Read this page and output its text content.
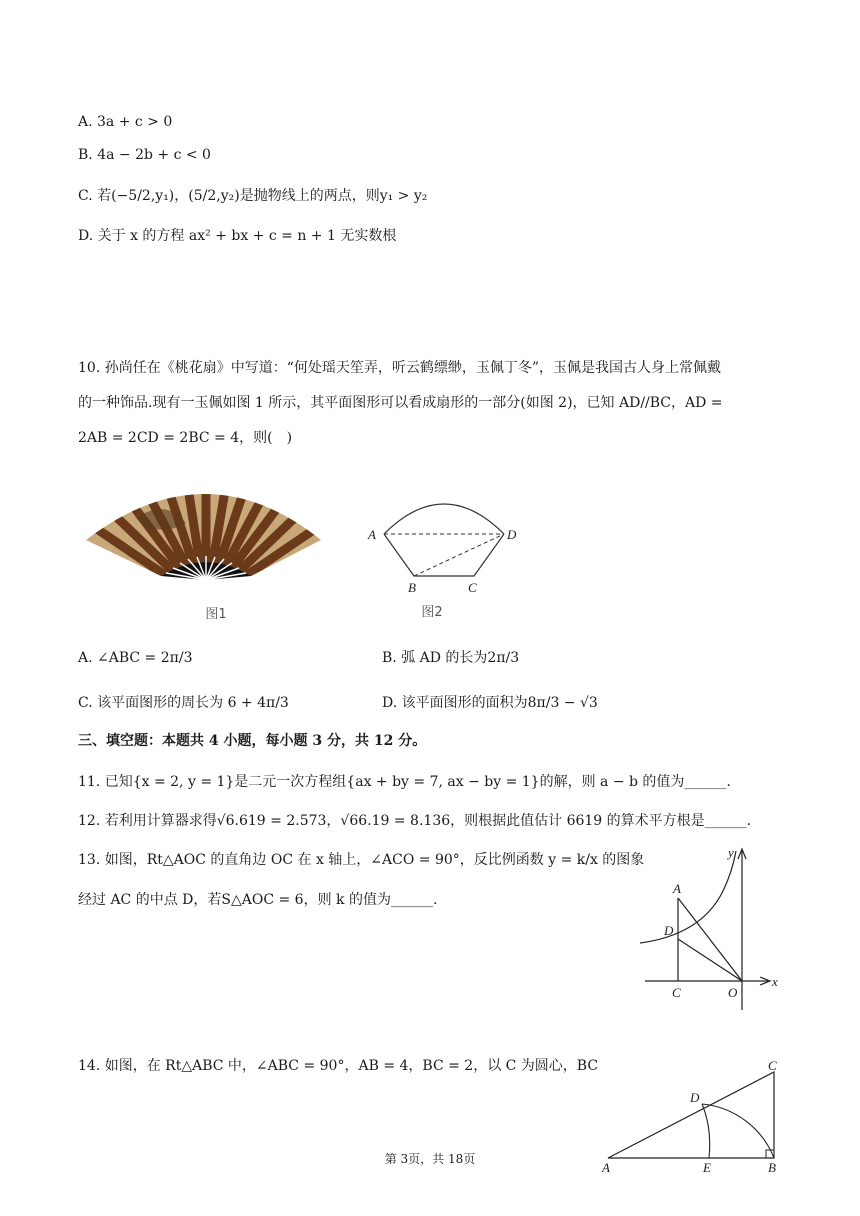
A. 3a + c > 0
B. 4a − 2b + c < 0
C. 若(−5/2,y₁)，(5/2,y₂)是抛物线上的两点，则y₁ > y₂
D. 关于 x 的方程 ax² + bx + c = n + 1 无实数根
10. 孙尚任在《桃花扇》中写道：“何处瑶天笙弄，听云鹤缥缈，玉佩丁冬”，玉佩是我国古人身上常佩戴
的一种饰品.现有一玉佩如图 1 所示，其平面图形可以看成扇形的一部分(如图 2)，已知 AD//BC，AD =
2AB = 2CD = 2BC = 4，则(　)
图1
A	D
B	C
图2
A. ∠ABC = 2π/3	B. 弧 AD 的长为2π/3
C. 该平面图形的周长为 6 + 4π/3	D. 该平面图形的面积为8π/3 − √3
三、填空题：本题共 4 小题，每小题 3 分，共 12 分。
11. 已知{x = 2, y = 1}是二元一次方程组{ax + by = 7, ax − by = 1}的解，则 a − b 的值为______.
12. 若利用计算器求得√6.619 = 2.573，√66.19 = 8.136，则根据此值估计 6619 的算术平方根是______.
13. 如图，Rt△AOC 的直角边 OC 在 x 轴上，∠ACO = 90°，反比例函数 y = k/x 的图象
经过 AC 的中点 D，若S△AOC = 6，则 k 的值为______.
y
A
D
x
C	O
14. 如图，在 Rt△ABC 中，∠ABC = 90°，AB = 4，BC = 2，以 C 为圆心，BC	C
D
A	E	B
第 3页，共 18页
